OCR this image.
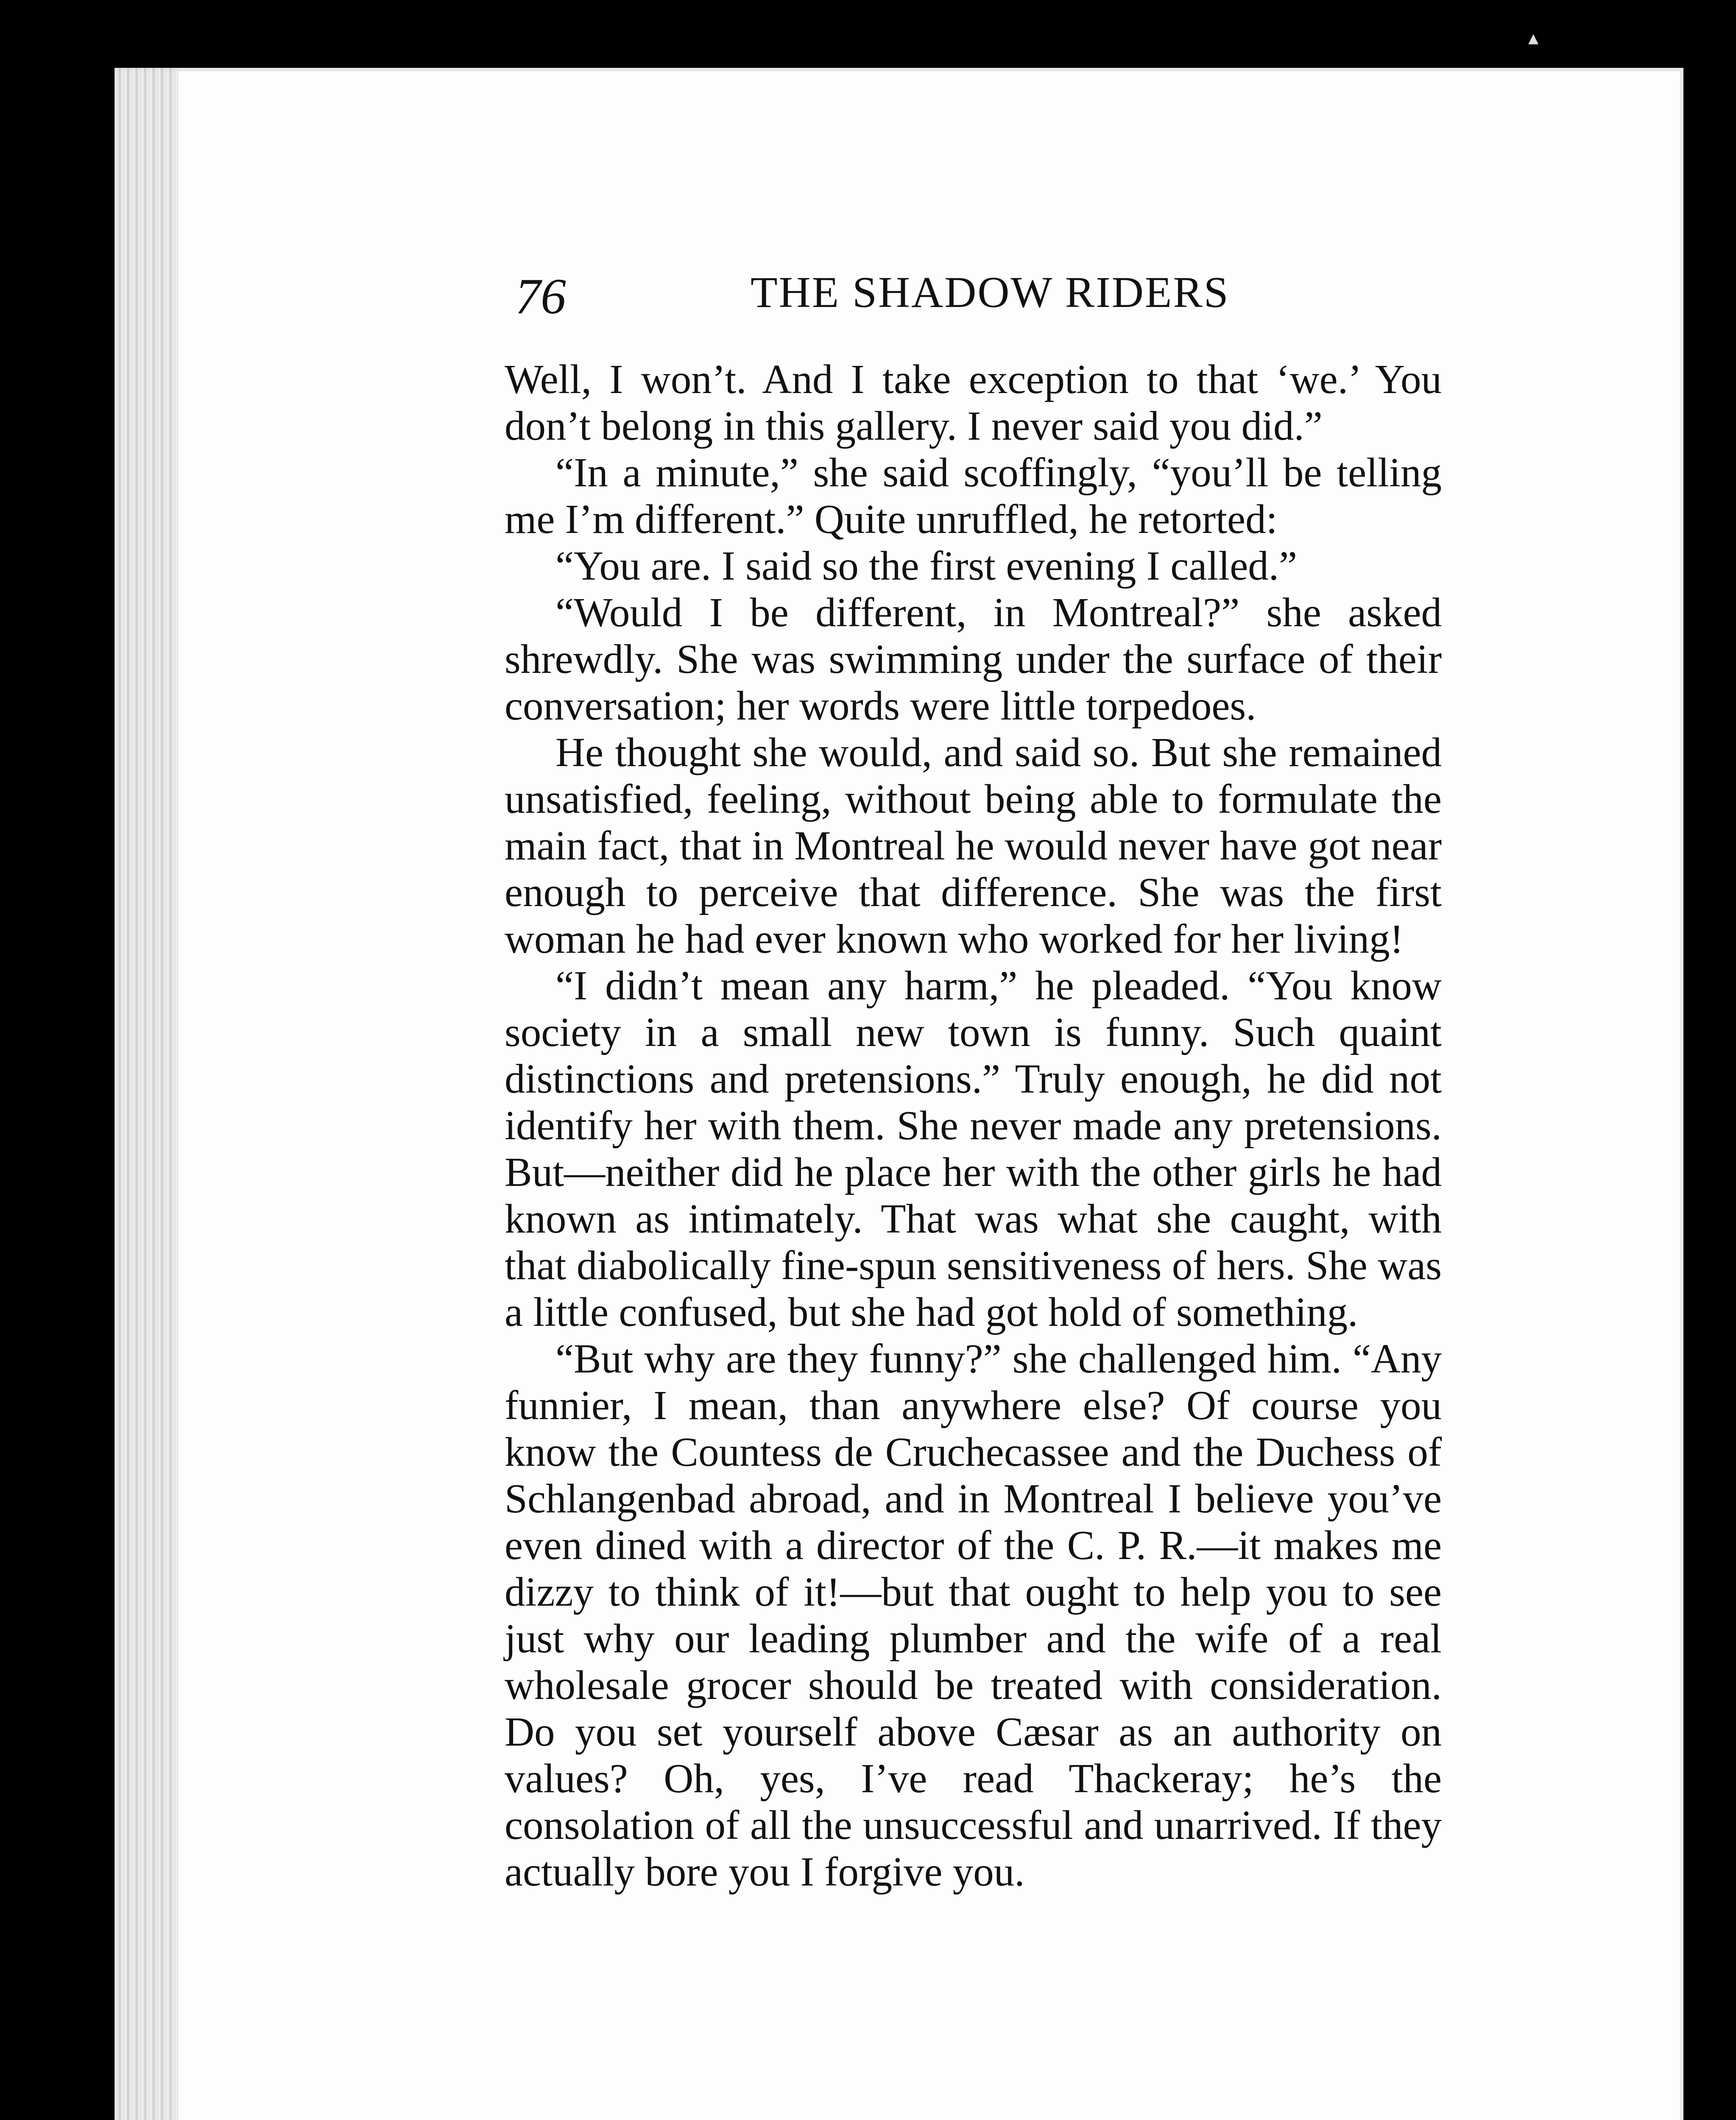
76	THE SHADOW RIDERS

Well, I won’t. And I take exception to that ‘we.’ You don’t belong in this gallery. I never said you did.”

“In a minute,” she said scoffingly, “you’ll be telling me I’m different.” Quite unruffled, he retorted:

“You are. I said so the first evening I called.”

“Would I be different, in Montreal?” she asked shrewdly. She was swimming under the surface of their conversation; her words were little torpedoes.

He thought she would, and said so. But she remained unsatisfied, feeling, without being able to formulate the main fact, that in Montreal he would never have got near enough to perceive that difference. She was the first woman he had ever known who worked for her living!

“I didn’t mean any harm,” he pleaded. “You know society in a small new town is funny. Such quaint distinctions and pretensions.” Truly enough, he did not identify her with them. She never made any pretensions. But—neither did he place her with the other girls he had known as intimately. That was what she caught, with that diabolically fine-spun sensitiveness of hers. She was a little confused, but she had got hold of something.

“But why are they funny?” she challenged him. “Any funnier, I mean, than anywhere else? Of course you know the Countess de Cruchecassee and the Duchess of Schlangenbad abroad, and in Montreal I believe you’ve even dined with a director of the C. P. R.—it makes me dizzy to think of it!—but that ought to help you to see just why our leading plumber and the wife of a real wholesale grocer should be treated with consideration. Do you set yourself above Cæsar as an authority on values? Oh, yes, I’ve read Thackeray; he’s the consolation of all the unsuccessful and unarrived. If they actually bore you I forgive you.

▴
